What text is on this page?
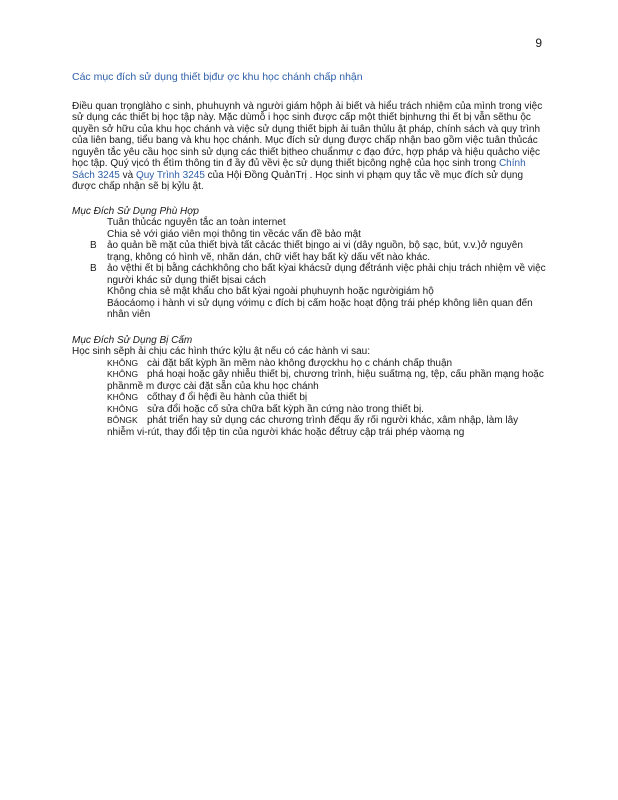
9

Các mục đích sử dụng thiết bịđư ợc khu học chánh chấp nhận

Điều quan trọnglàho c sinh, phuhuynh và người giám hộph ải biết và hiểu trách nhiệm của mình trong việc sử dụng các thiết bị học tập này. Mặc dùmỗ i học sinh được cấp một thiết bịnhưng thi ết bị vẫn sẽthu ộc quyền sở hữu của khu học chánh và việc sử dụng thiết bịph ải tuân thủlu ật pháp, chính sách và quy trình của liên bang, tiểu bang và khu học chánh. Mục đích sử dụng được chấp nhận bao gồm việc tuân thủcác nguyên tắc yêu cầu học sinh sử dụng các thiết bịtheo chuẩnmự c đạo đức, hợp pháp và hiệu quảcho việc học tập. Quý vịcó th ểtìm thông tin đ ầy đủ vềvi ệc sử dụng thiết bịcông nghệ của học sinh trong Chính Sách 3245 và Quy Trình 3245 của Hội Đồng QuảnTrị . Học sinh vi phạm quy tắc về mục đích sử dụng được chấp nhận sẽ bị kỷlu ật.

Mục Đích Sử Dụng Phù Hợp

Tuân thủcác nguyên tắc an toàn internet
Chia sẻ với giáo viên mọi thông tin vềcác vấn đề bảo mật
B	ảo quản bề mặt của thiết bịvà tất cảcác thiết bịngo ai vi (dây nguồn, bộ sạc, bút, v.v.)ở nguyên trạng, không có hình vẽ, nhãn dán, chữ viết hay bất kỳ dấu vết nào khác.
B	ảo vệthi ết bị bằng cáchkhông cho bất kỳai khácsử dụng đểtránh việc phải chịu trách nhiệm về việc người khác sử dụng thiết bịsai cách
Không chia sẻ mật khẩu cho bất kỳai ngoài phụhuynh hoặc ngườigiám hộ
Báocáomọ i hành vi sử dụng vớimụ c đích bị cấm hoặc hoạt động trái phép không liên quan đến nhân viên

Mục Đích Sử Dụng Bị Cấm

Học sinh sẽph ải chịu các hình thức kỷlu ật nếu có các hành vi sau:

KHÔNG cài đặt bất kỳph ần mềm nào không đượckhu họ c chánh chấp thuận
KHÔNG phá hoại hoặc gây nhiễu thiết bị, chương trình, hiệu suấtmạ ng, tệp, cấu phần mạng hoặc phầnmề m được cài đặt sẵn của khu học chánh
KHÔNG cốthay đ ổi hệđi ều hành của thiết bị
KHÔNG sửa đổi hoặc cố sửa chữa bất kỳph ần cứng nào trong thiết bị.
BÔNGK phát triển hay sử dụng các chương trình đểqu ấy rối người khác, xâm nhập, làm lây nhiễm vi-rút, thay đổi tệp tin của người khác hoặc đểtruy cập trái phép vàomạ ng
